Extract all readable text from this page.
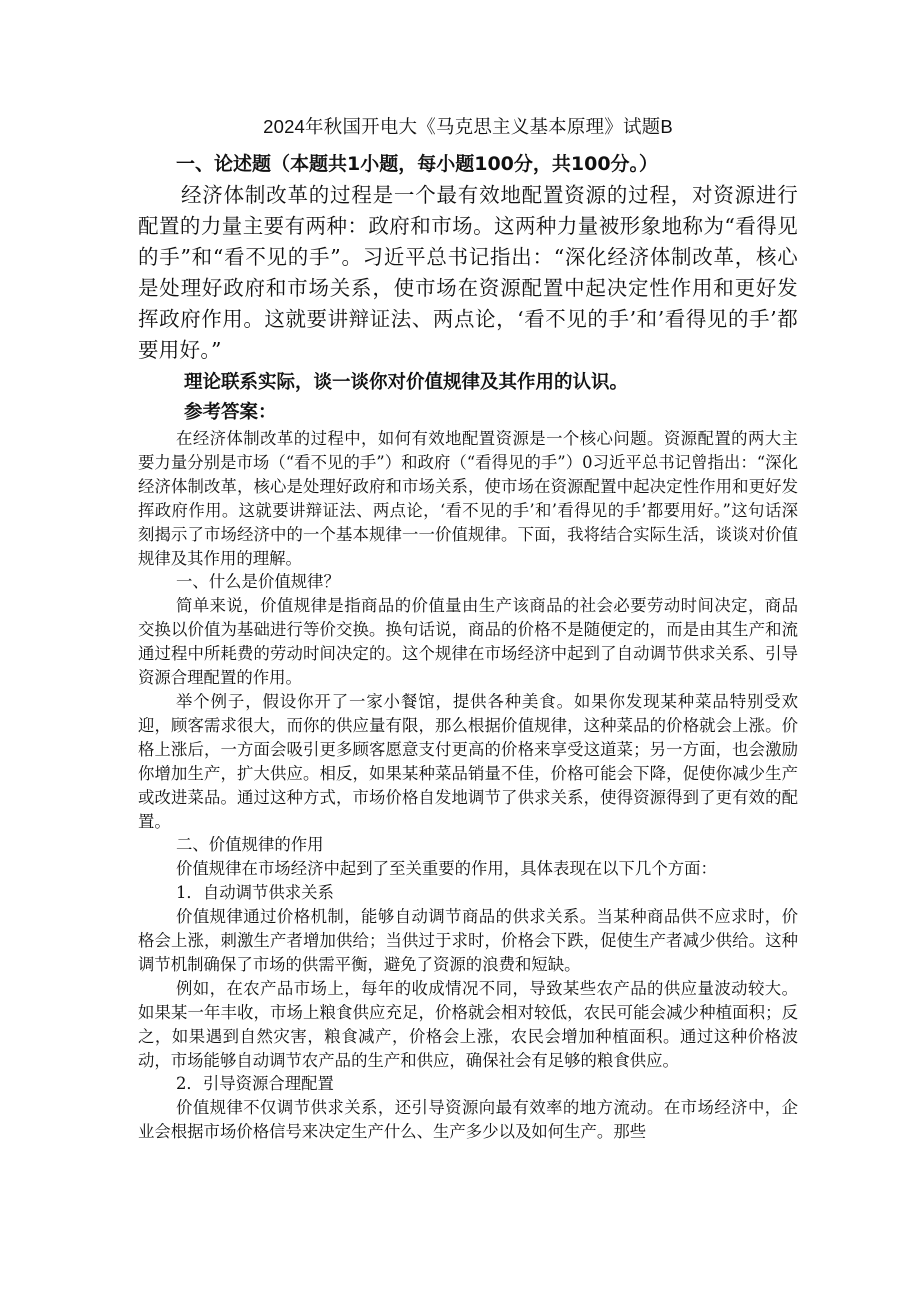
2024年秋国开电大《马克思主义基本原理》试题B
一、论述题（本题共1小题，每小题100分，共100分。）

经济体制改革的过程是一个最有效地配置资源的过程，对资源进行配置的力量主要有两种：政府和市场。这两种力量被形象地称为“看得见的手”和“看不见的手”。习近平总书记指出：“深化经济体制改革，核心是处理好政府和市场关系，使市场在资源配置中起决定性作用和更好发挥政府作用。这就要讲辩证法、两点论，‘看不见的手’和’看得见的手’都要用好。”

理论联系实际，谈一谈你对价值规律及其作用的认识。
参考答案：

在经济体制改革的过程中，如何有效地配置资源是一个核心问题。资源配置的两大主要力量分别是市场（“看不见的手”）和政府（“看得见的手”）0习近平总书记曾指出：“深化经济体制改革，核心是处理好政府和市场关系，使市场在资源配置中起决定性作用和更好发挥政府作用。这就要讲辩证法、两点论，‘看不见的手’和’看得见的手’都要用好。”这句话深刻揭示了市场经济中的一个基本规律一一价值规律。下面，我将结合实际生活，谈谈对价值规律及其作用的理解。

一、什么是价值规律？

简单来说，价值规律是指商品的价值量由生产该商品的社会必要劳动时间决定，商品交换以价值为基础进行等价交换。换句话说，商品的价格不是随便定的，而是由其生产和流通过程中所耗费的劳动时间决定的。这个规律在市场经济中起到了自动调节供求关系、引导资源合理配置的作用。

举个例子，假设你开了一家小餐馆，提供各种美食。如果你发现某种菜品特别受欢迎，顾客需求很大，而你的供应量有限，那么根据价值规律，这种菜品的价格就会上涨。价格上涨后，一方面会吸引更多顾客愿意支付更高的价格来享受这道菜；另一方面，也会激励你增加生产，扩大供应。相反，如果某种菜品销量不佳，价格可能会下降，促使你减少生产或改进菜品。通过这种方式，市场价格自发地调节了供求关系，使得资源得到了更有效的配置。

二、价值规律的作用

价值规律在市场经济中起到了至关重要的作用，具体表现在以下几个方面：

1．自动调节供求关系

价值规律通过价格机制，能够自动调节商品的供求关系。当某种商品供不应求时，价格会上涨，刺激生产者增加供给；当供过于求时，价格会下跌，促使生产者减少供给。这种调节机制确保了市场的供需平衡，避免了资源的浪费和短缺。

例如，在农产品市场上，每年的收成情况不同，导致某些农产品的供应量波动较大。如果某一年丰收，市场上粮食供应充足，价格就会相对较低，农民可能会减少种植面积；反之，如果遇到自然灾害，粮食减产，价格会上涨，农民会增加种植面积。通过这种价格波动，市场能够自动调节农产品的生产和供应，确保社会有足够的粮食供应。

2．引导资源合理配置

价值规律不仅调节供求关系，还引导资源向最有效率的地方流动。在市场经济中，企业会根据市场价格信号来决定生产什么、生产多少以及如何生产。那些
